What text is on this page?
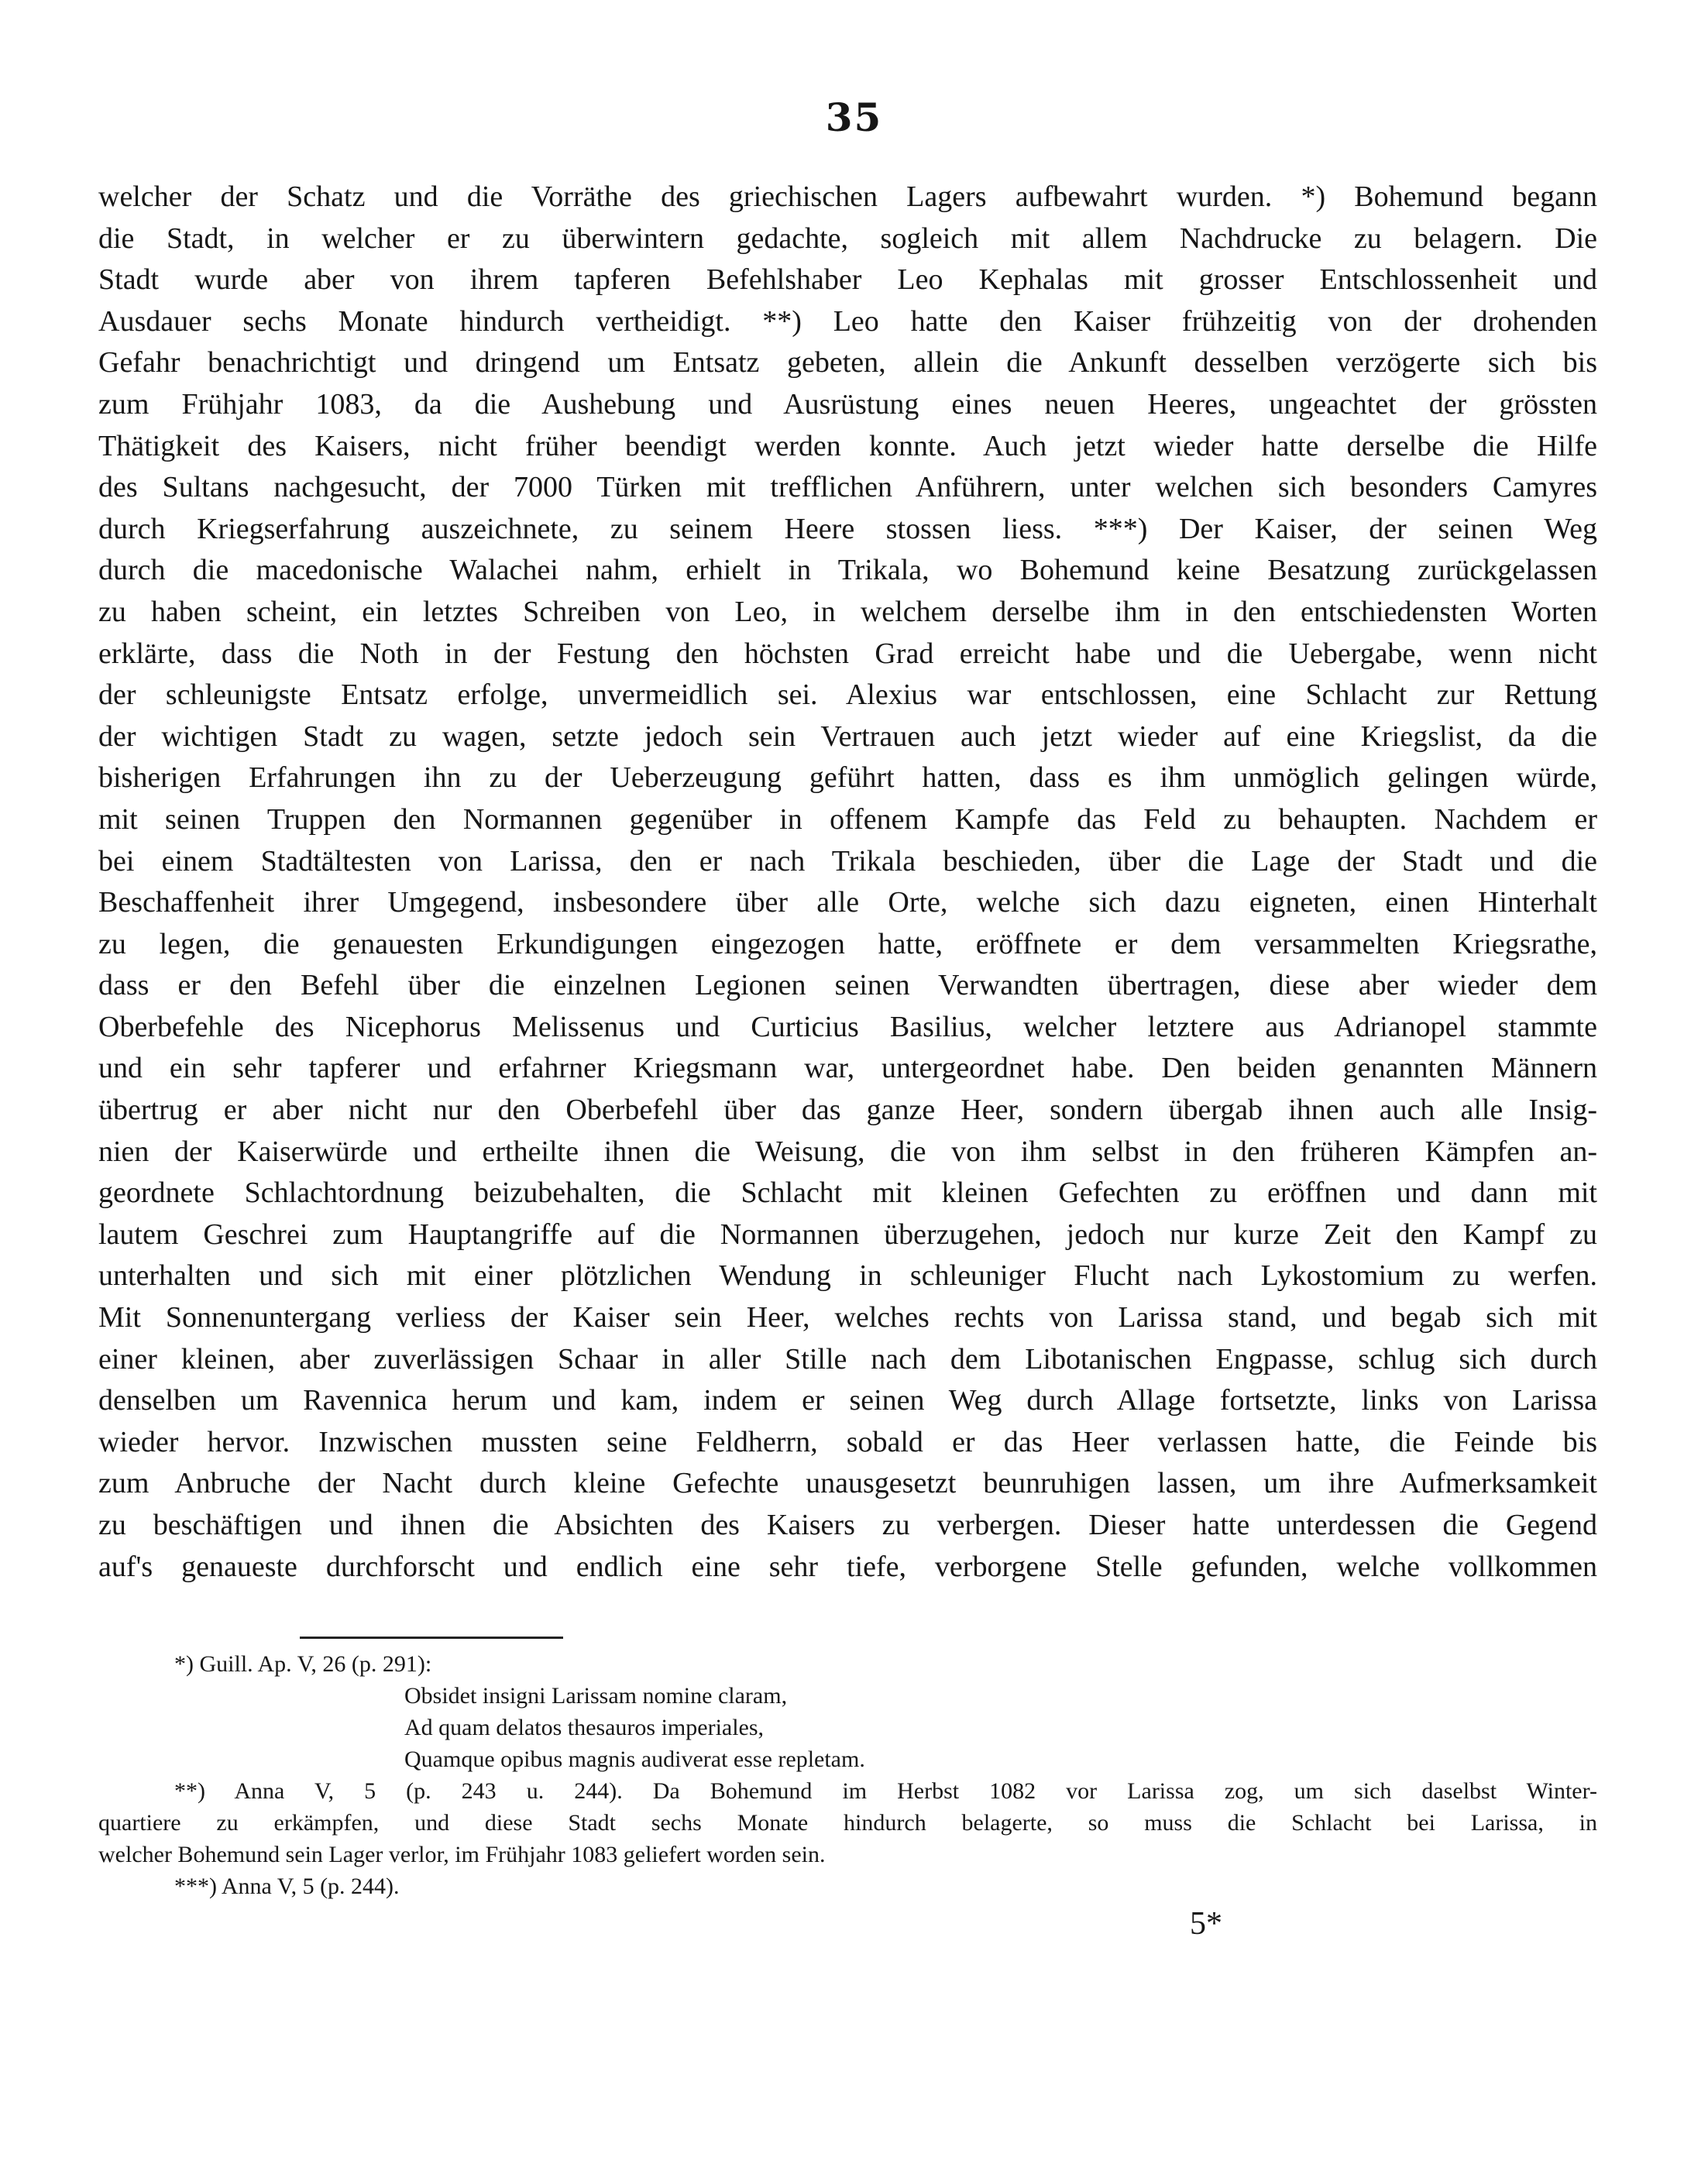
35
welcher der Schatz und die Vorräthe des griechischen Lagers aufbewahrt wurden. *) Bohemund begann
die Stadt, in welcher er zu überwintern gedachte, sogleich mit allem Nachdrucke zu belagern. Die
Stadt wurde aber von ihrem tapferen Befehlshaber Leo Kephalas mit grosser Entschlossenheit und
Ausdauer sechs Monate hindurch vertheidigt. **) Leo hatte den Kaiser frühzeitig von der drohenden
Gefahr benachrichtigt und dringend um Entsatz gebeten, allein die Ankunft desselben verzögerte sich bis
zum Frühjahr 1083, da die Aushebung und Ausrüstung eines neuen Heeres, ungeachtet der grössten
Thätigkeit des Kaisers, nicht früher beendigt werden konnte. Auch jetzt wieder hatte derselbe die Hilfe
des Sultans nachgesucht, der 7000 Türken mit trefflichen Anführern, unter welchen sich besonders Camyres
durch Kriegserfahrung auszeichnete, zu seinem Heere stossen liess. ***) Der Kaiser, der seinen Weg
durch die macedonische Walachei nahm, erhielt in Trikala, wo Bohemund keine Besatzung zurückgelassen
zu haben scheint, ein letztes Schreiben von Leo, in welchem derselbe ihm in den entschiedensten Worten
erklärte, dass die Noth in der Festung den höchsten Grad erreicht habe und die Uebergabe, wenn nicht
der schleunigste Entsatz erfolge, unvermeidlich sei. Alexius war entschlossen, eine Schlacht zur Rettung
der wichtigen Stadt zu wagen, setzte jedoch sein Vertrauen auch jetzt wieder auf eine Kriegslist, da die
bisherigen Erfahrungen ihn zu der Ueberzeugung geführt hatten, dass es ihm unmöglich gelingen würde,
mit seinen Truppen den Normannen gegenüber in offenem Kampfe das Feld zu behaupten. Nachdem er
bei einem Stadtältesten von Larissa, den er nach Trikala beschieden, über die Lage der Stadt und die
Beschaffenheit ihrer Umgegend, insbesondere über alle Orte, welche sich dazu eigneten, einen Hinterhalt
zu legen, die genauesten Erkundigungen eingezogen hatte, eröffnete er dem versammelten Kriegsrathe,
dass er den Befehl über die einzelnen Legionen seinen Verwandten übertragen, diese aber wieder dem
Oberbefehle des Nicephorus Melissenus und Curticius Basilius, welcher letztere aus Adrianopel stammte
und ein sehr tapferer und erfahrner Kriegsmann war, untergeordnet habe. Den beiden genannten Männern
übertrug er aber nicht nur den Oberbefehl über das ganze Heer, sondern übergab ihnen auch alle Insig-
nien der Kaiserwürde und ertheilte ihnen die Weisung, die von ihm selbst in den früheren Kämpfen an-
geordnete Schlachtordnung beizubehalten, die Schlacht mit kleinen Gefechten zu eröffnen und dann mit
lautem Geschrei zum Hauptangriffe auf die Normannen überzugehen, jedoch nur kurze Zeit den Kampf zu
unterhalten und sich mit einer plötzlichen Wendung in schleuniger Flucht nach Lykostomium zu werfen.
Mit Sonnenuntergang verliess der Kaiser sein Heer, welches rechts von Larissa stand, und begab sich mit
einer kleinen, aber zuverlässigen Schaar in aller Stille nach dem Libotanischen Engpasse, schlug sich durch
denselben um Ravennica herum und kam, indem er seinen Weg durch Allage fortsetzte, links von Larissa
wieder hervor. Inzwischen mussten seine Feldherrn, sobald er das Heer verlassen hatte, die Feinde bis
zum Anbruche der Nacht durch kleine Gefechte unausgesetzt beunruhigen lassen, um ihre Aufmerksamkeit
zu beschäftigen und ihnen die Absichten des Kaisers zu verbergen. Dieser hatte unterdessen die Gegend
auf's genaueste durchforscht und endlich eine sehr tiefe, verborgene Stelle gefunden, welche vollkommen
*) Guill. Ap. V, 26 (p. 291):
Obsidet insigni Larissam nomine claram,
Ad quam delatos thesauros imperiales,
Quamque opibus magnis audiverat esse repletam.
**) Anna V, 5 (p. 243 u. 244). Da Bohemund im Herbst 1082 vor Larissa zog, um sich daselbst Winter-
quartiere zu erkämpfen, und diese Stadt sechs Monate hindurch belagerte, so muss die Schlacht bei Larissa, in
welcher Bohemund sein Lager verlor, im Frühjahr 1083 geliefert worden sein.
***) Anna V, 5 (p. 244).
5*
